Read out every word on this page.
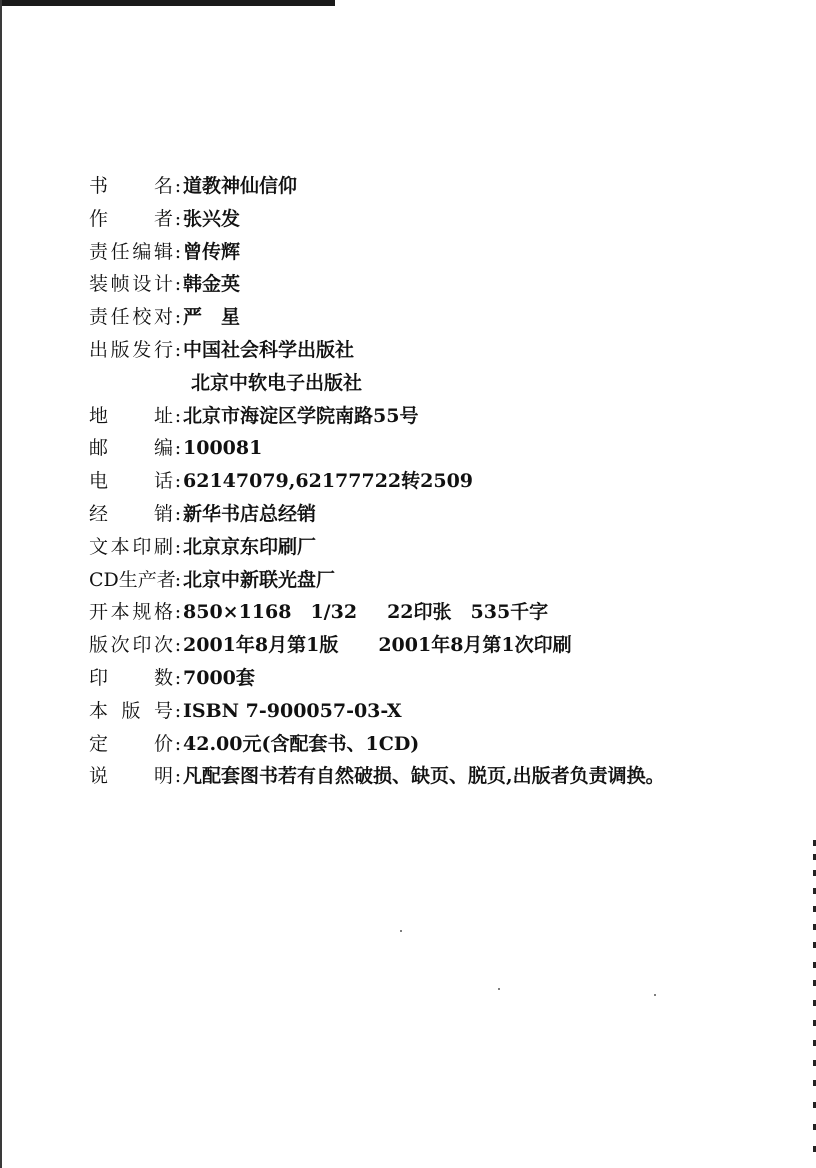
书名 : 道教神仙信仰
作者 : 张兴发
责任编辑 : 曾传辉
装帧设计 : 韩金英
责任校对 : 严　星
出版发行 : 中国社会科学出版社
北京中软电子出版社
地址 : 北京市海淀区学院南路55号
邮编 : 100081
电话 : 62147079,62177722转2509
经销 : 新华书店总经销
文本印刷 : 北京京东印刷厂
CD生产者 : 北京中新联光盘厂
开本规格 : 850×1168　1/32 22印张　535千字
版次印次 : 2001年8月第1版 2001年8月第1次印刷
印数 : 7000套
本版号 : ISBN 7-900057-03-X
定价 : 42.00元(含配套书、1CD)
说明 : 凡配套图书若有自然破损、缺页、脱页,出版者负责调换。
